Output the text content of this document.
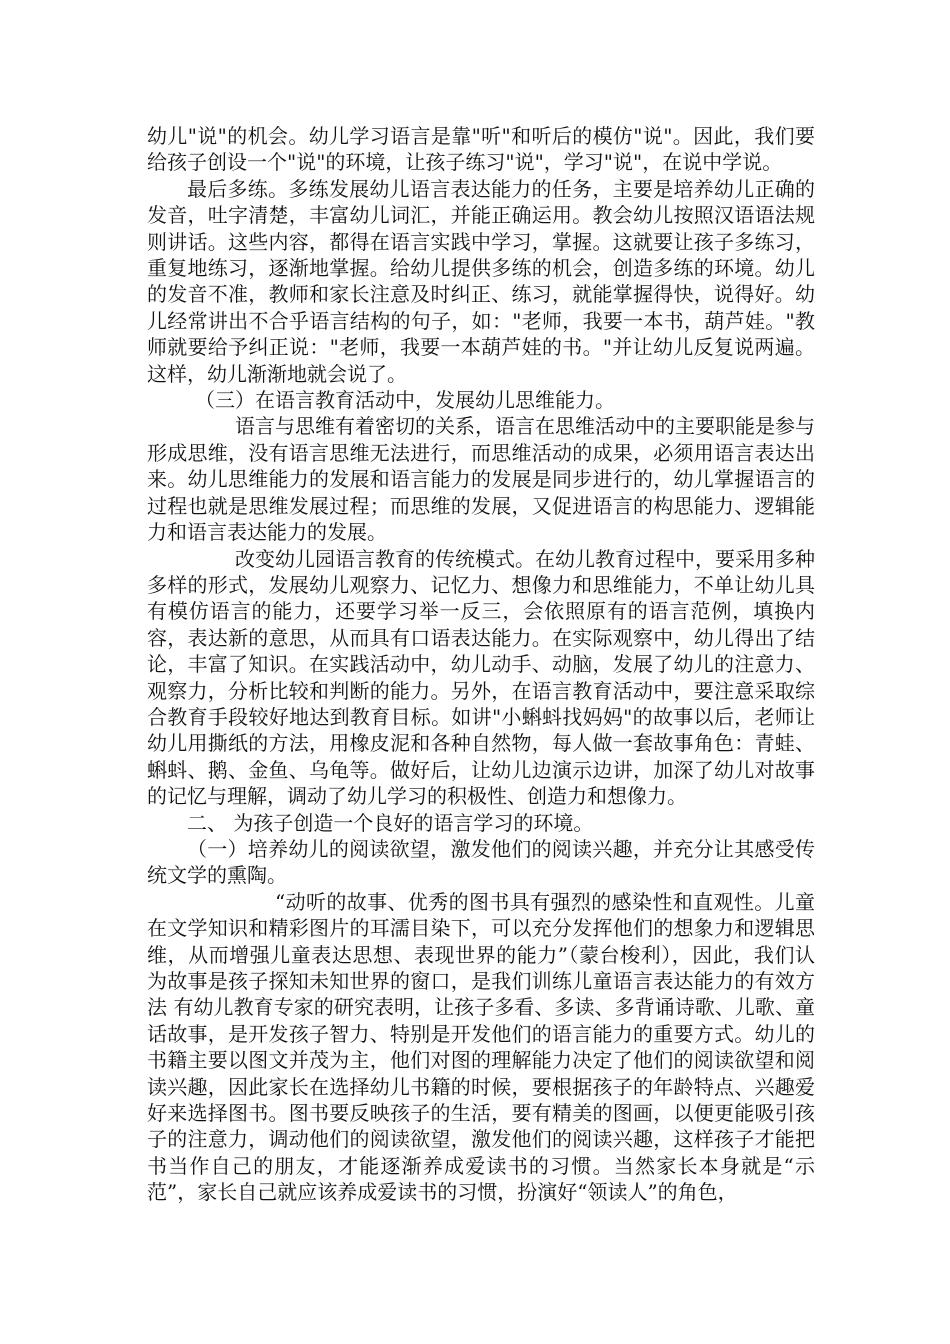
幼儿"说"的机会。幼儿学习语言是靠"听"和听后的模仿"说"。因此，我们要给孩子创设一个"说"的环境，让孩子练习"说"，学习"说"，在说中学说。

最后多练。多练发展幼儿语言表达能力的任务，主要是培养幼儿正确的发音，吐字清楚，丰富幼儿词汇，并能正确运用。教会幼儿按照汉语语法规则讲话。这些内容，都得在语言实践中学习，掌握。这就要让孩子多练习，重复地练习，逐渐地掌握。给幼儿提供多练的机会，创造多练的环境。幼儿的发音不准，教师和家长注意及时纠正、练习，就能掌握得快，说得好。幼儿经常讲出不合乎语言结构的句子，如："老师，我要一本书，葫芦娃。"教师就要给予纠正说："老师，我要一本葫芦娃的书。"并让幼儿反复说两遍。这样，幼儿渐渐地就会说了。

（三）在语言教育活动中，发展幼儿思维能力。

语言与思维有着密切的关系，语言在思维活动中的主要职能是参与形成思维，没有语言思维无法进行，而思维活动的成果，必须用语言表达出来。幼儿思维能力的发展和语言能力的发展是同步进行的，幼儿掌握语言的过程也就是思维发展过程；而思维的发展，又促进语言的构思能力、逻辑能力和语言表达能力的发展。

改变幼儿园语言教育的传统模式。在幼儿教育过程中，要采用多种多样的形式，发展幼儿观察力、记忆力、想像力和思维能力，不单让幼儿具有模仿语言的能力，还要学习举一反三，会依照原有的语言范例，填换内容，表达新的意思，从而具有口语表达能力。在实际观察中，幼儿得出了结论，丰富了知识。在实践活动中，幼儿动手、动脑，发展了幼儿的注意力、观察力，分析比较和判断的能力。另外，在语言教育活动中，要注意采取综合教育手段较好地达到教育目标。如讲"小蝌蚪找妈妈"的故事以后，老师让幼儿用撕纸的方法，用橡皮泥和各种自然物，每人做一套故事角色：青蛙、蝌蚪、鹅、金鱼、乌龟等。做好后，让幼儿边演示边讲，加深了幼儿对故事的记忆与理解，调动了幼儿学习的积极性、创造力和想像力。

二、 为孩子创造一个良好的语言学习的环境。

（一）培养幼儿的阅读欲望，激发他们的阅读兴趣，并充分让其感受传统文学的熏陶。

“动听的故事、优秀的图书具有强烈的感染性和直观性。儿童在文学知识和精彩图片的耳濡目染下，可以充分发挥他们的想象力和逻辑思维，从而增强儿童表达思想、表现世界的能力”（蒙台梭利），因此，我们认为故事是孩子探知未知世界的窗口，是我们训练儿童语言表达能力的有效方法 有幼儿教育专家的研究表明，让孩子多看、多读、多背诵诗歌、儿歌、童话故事，是开发孩子智力、特别是开发他们的语言能力的重要方式。幼儿的书籍主要以图文并茂为主，他们对图的理解能力决定了他们的阅读欲望和阅读兴趣，因此家长在选择幼儿书籍的时候，要根据孩子的年龄特点、兴趣爱好来选择图书。图书要反映孩子的生活，要有精美的图画，以便更能吸引孩子的注意力，调动他们的阅读欲望，激发他们的阅读兴趣，这样孩子才能把书当作自己的朋友，才能逐渐养成爱读书的习惯。当然家长本身就是“示范”，家长自己就应该养成爱读书的习惯，扮演好“领读人”的角色，
